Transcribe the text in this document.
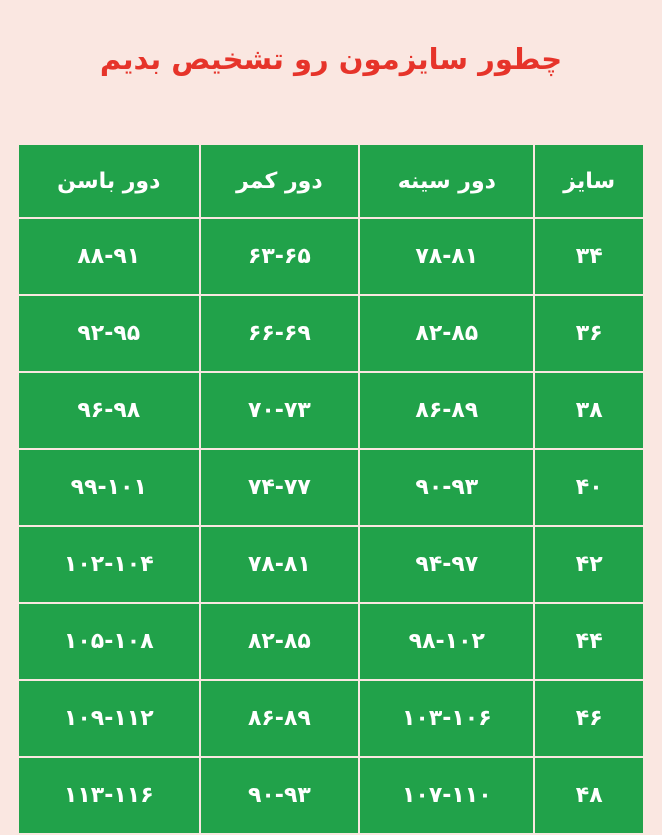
چطور سایزمون رو تشخیص بدیم
سایز	دور سینه	دور کمر	دور باسن
۳۴	۷۸-۸۱	۶۳-۶۵	۸۸-۹۱
۳۶	۸۲-۸۵	۶۶-۶۹	۹۲-۹۵
۳۸	۸۶-۸۹	۷۰-۷۳	۹۶-۹۸
۴۰	۹۰-۹۳	۷۴-۷۷	۹۹-۱۰۱
۴۲	۹۴-۹۷	۷۸-۸۱	۱۰۲-۱۰۴
۴۴	۹۸-۱۰۲	۸۲-۸۵	۱۰۵-۱۰۸
۴۶	۱۰۳-۱۰۶	۸۶-۸۹	۱۰۹-۱۱۲
۴۸	۱۰۷-۱۱۰	۹۰-۹۳	۱۱۳-۱۱۶
